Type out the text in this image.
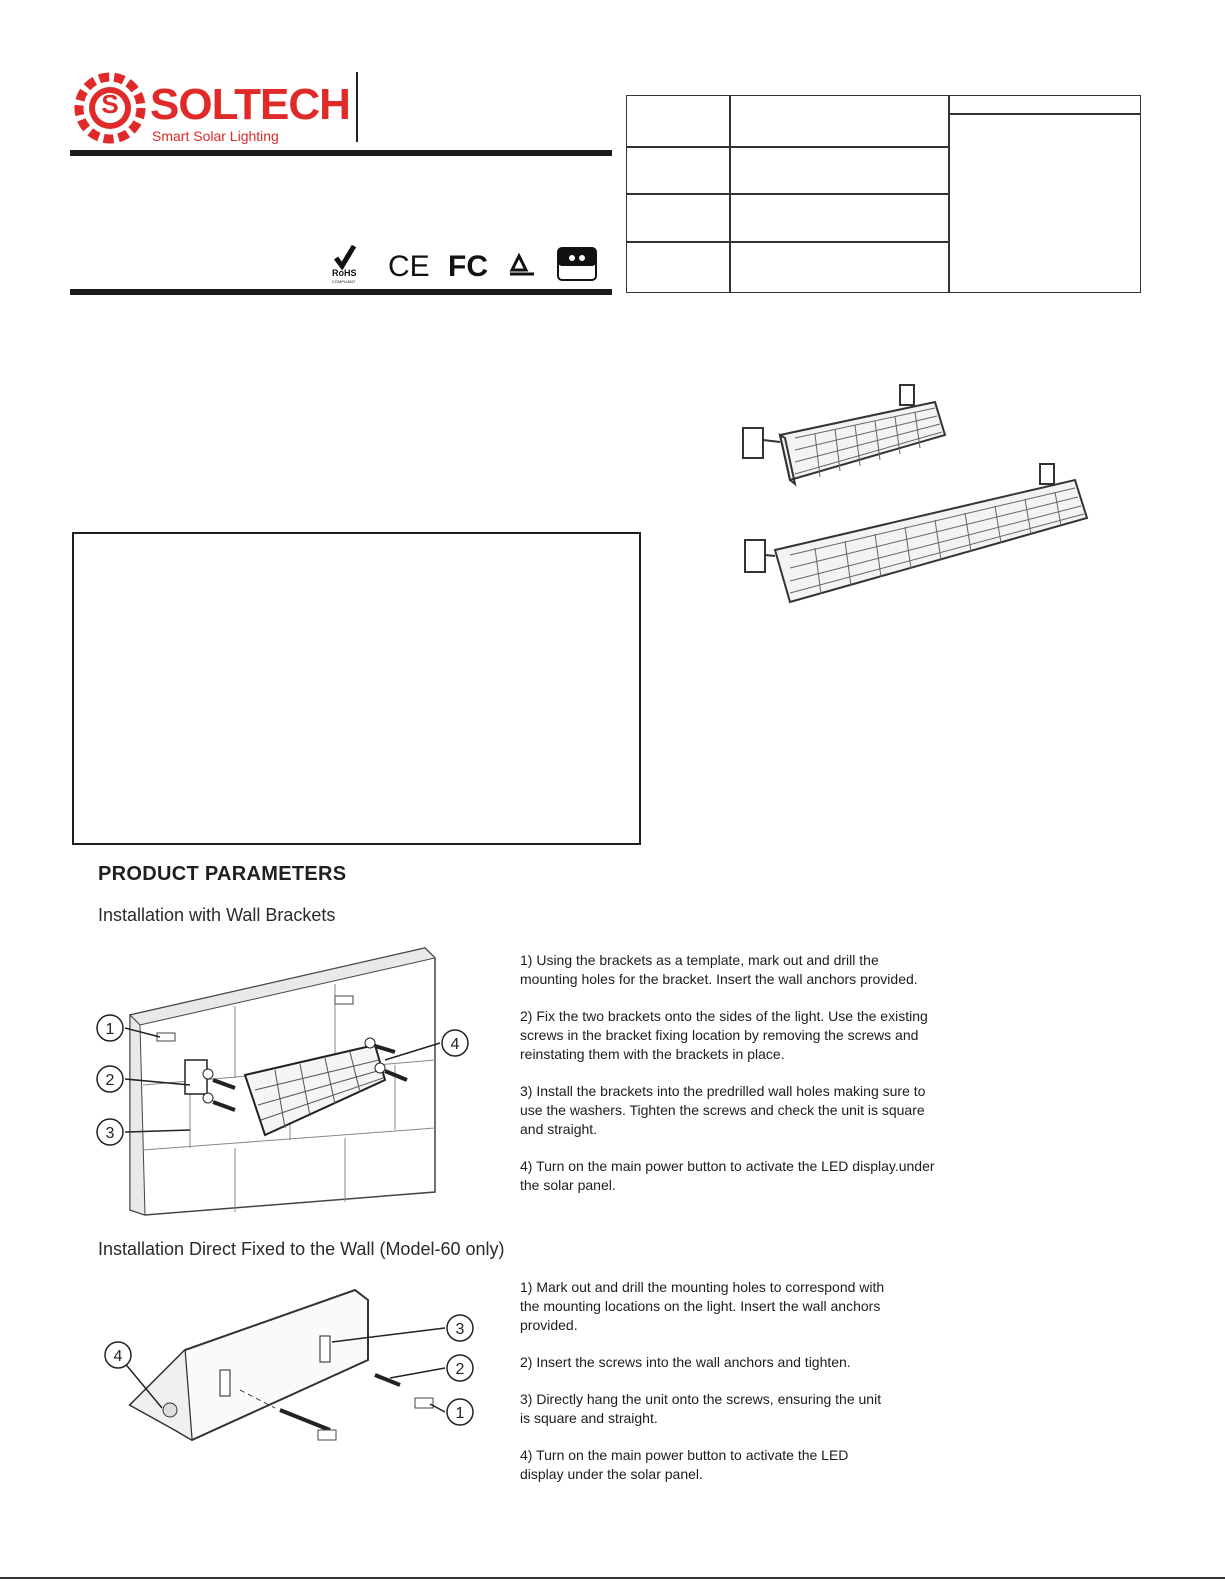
S SOLTECH
Smart Solar Lighting
RoHS
COMPLIANT CE FC
PRODUCT PARAMETERS
Installation with Wall Brackets
Installation Direct Fixed to the Wall (Model-60 only)
1
2
3
4

1) Using the brackets as a template, mark out and drill the mounting holes for the bracket. Insert the wall anchors provided.

2) Fix the two brackets onto the sides of the light. Use the existing screws in the bracket fixing location by removing the screws and reinstating them with the brackets in place.

3) Install the brackets into the predrilled wall holes making sure to use the washers. Tighten the screws and check the unit is square and straight.

4) Turn on the main power button to activate the LED display.under the solar panel.

4
3
2
1

1) Mark out and drill the mounting holes to correspond with the mounting locations on the light. Insert the wall anchors provided.

2) Insert the screws into the wall anchors and tighten.

3) Directly hang the unit onto the screws, ensuring the unit is square and straight.

4) Turn on the main power button to activate the LED display under the solar panel.
